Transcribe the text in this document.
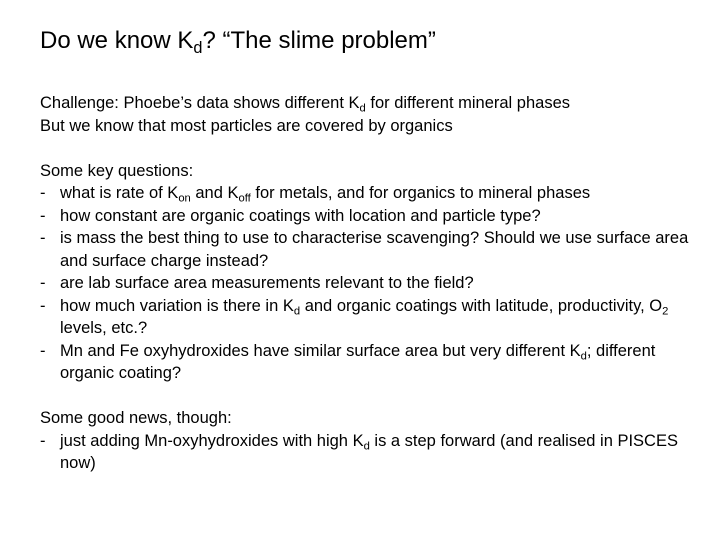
Do we know $K_d$? “The slime problem”
Challenge: Phoebe’s data shows different $K_d$ for different mineral phases
But we know that most particles are covered by organics
Some key questions:
- what is rate of $K_{on}$ and $K_{off}$ for metals, and for organics to mineral phases
- how constant are organic coatings with location and particle type?
- is mass the best thing to use to characterise scavenging? Should we use surface area and surface charge instead?
- are lab surface area measurements relevant to the field?
- how much variation is there in $K_d$ and organic coatings with latitude, productivity, $O_2$ levels, etc.?
- Mn and Fe oxyhydroxides have similar surface area but very different $K_d$; different organic coating?
Some good news, though:
- just adding Mn-oxyhydroxides with high $K_d$ is a step forward (and realised in PISCES now)
